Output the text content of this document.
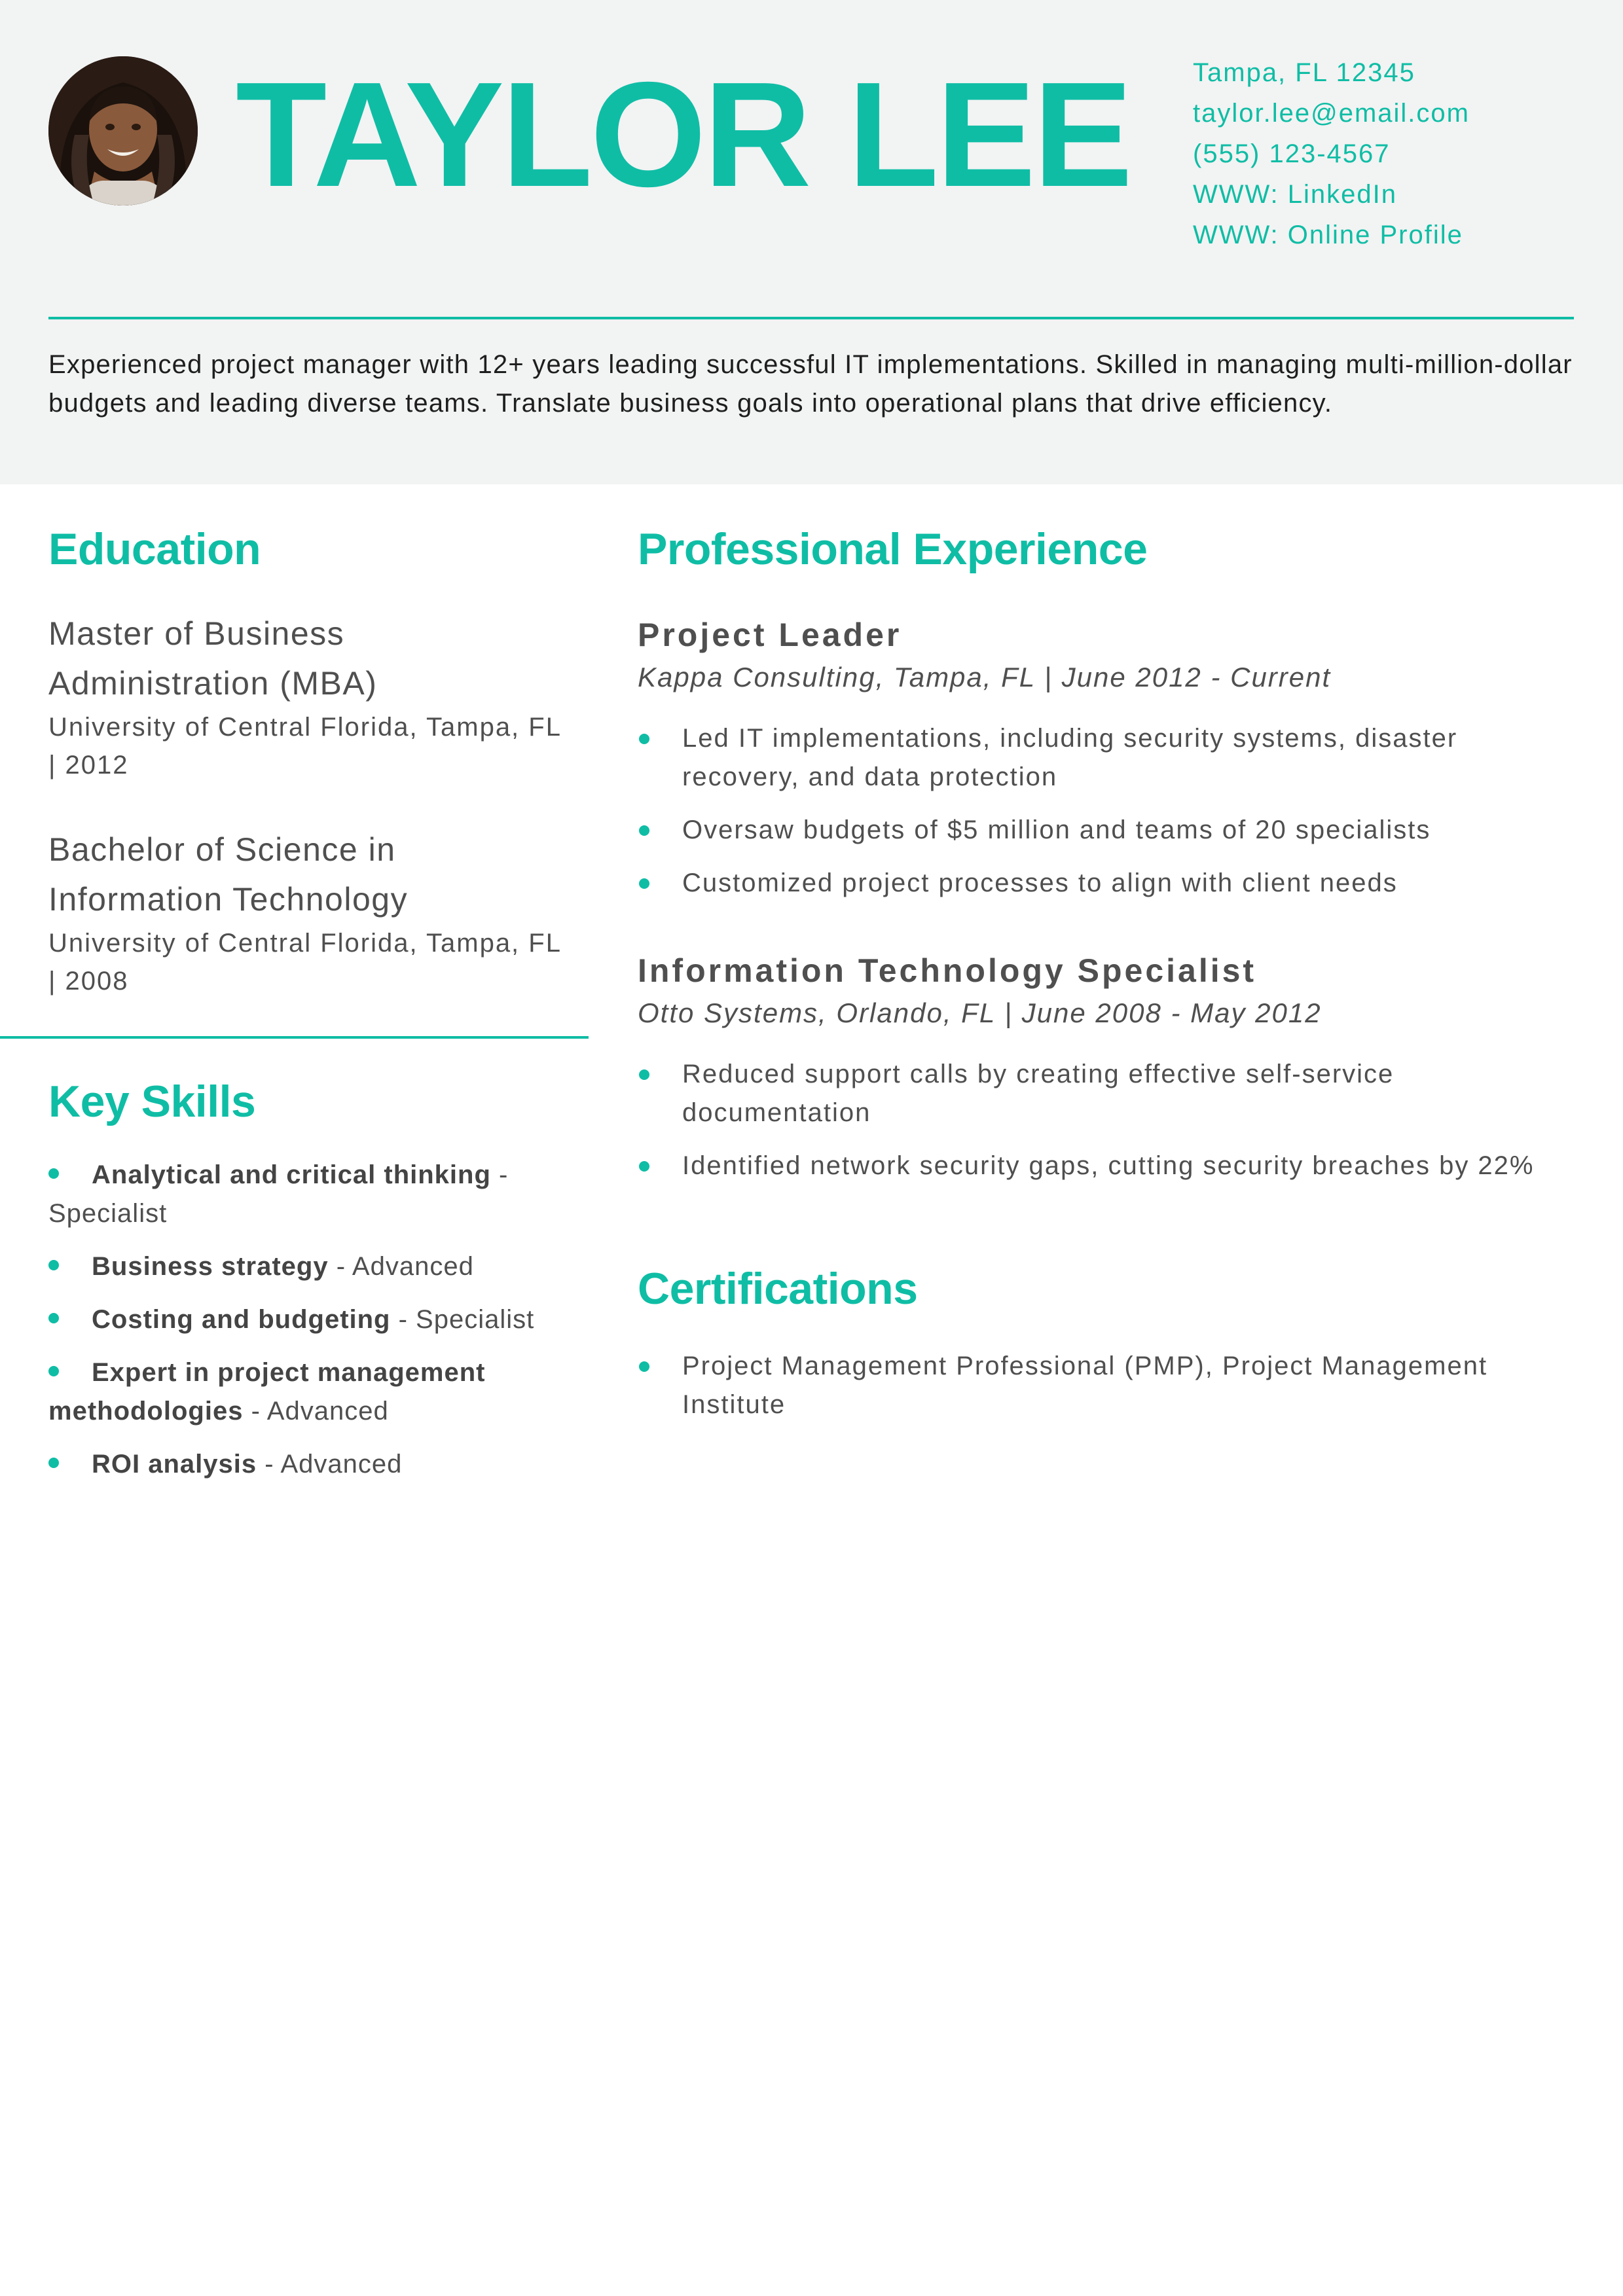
TAYLOR LEE Tampa, FL 12345
taylor.lee@email.com
(555) 123-4567
WWW: LinkedIn
WWW: Online Profile
Experienced project manager with 12+ years leading successful IT implementations. Skilled in managing multi-million-dollar budgets and leading diverse teams. Translate business goals into operational plans that drive efficiency.
Education
Master of Business Administration (MBA)
University of Central Florida, Tampa, FL | 2012
Bachelor of Science in Information Technology
University of Central Florida, Tampa, FL | 2008
Key Skills
Analytical and critical thinking - Specialist
Business strategy - Advanced
Costing and budgeting - Specialist
Expert in project management methodologies - Advanced
ROI analysis - Advanced
Professional Experience
Project Leader
Kappa Consulting, Tampa, FL | June 2012 - Current
Led IT implementations, including security systems, disaster recovery, and data protection
Oversaw budgets of $5 million and teams of 20 specialists
Customized project processes to align with client needs
Information Technology Specialist
Otto Systems, Orlando, FL | June 2008 - May 2012
Reduced support calls by creating effective self-service documentation
Identified network security gaps, cutting security breaches by 22%
Certifications
Project Management Professional (PMP), Project Management Institute
